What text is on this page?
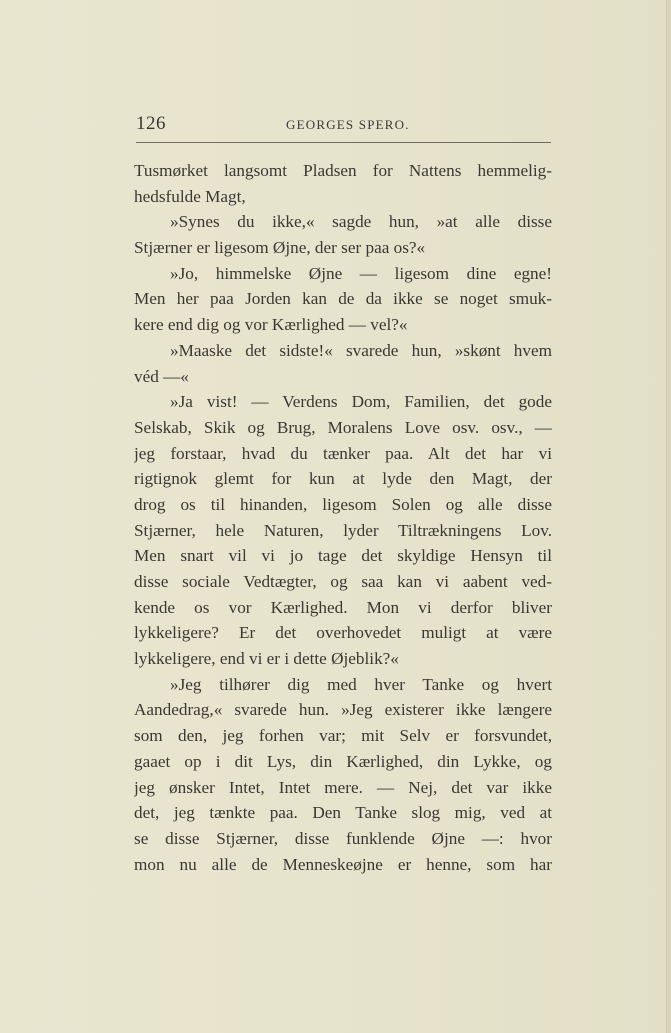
126	GEORGES SPERO.
Tusmørket langsomt Pladsen for Nattens hemmelig-
hedsfulde Magt,
»Synes du ikke,« sagde hun, »at alle disse
Stjærner er ligesom Øjne, der ser paa os?«
»Jo, himmelske Øjne — ligesom dine egne!
Men her paa Jorden kan de da ikke se noget smuk-
kere end dig og vor Kærlighed — vel?«
»Maaske det sidste!« svarede hun, »skønt hvem
véd —«
»Ja vist! — Verdens Dom, Familien, det gode
Selskab, Skik og Brug, Moralens Love osv. osv., —
jeg forstaar, hvad du tænker paa. Alt det har vi
rigtignok glemt for kun at lyde den Magt, der
drog os til hinanden, ligesom Solen og alle disse
Stjærner, hele Naturen, lyder Tiltrækningens Lov.
Men snart vil vi jo tage det skyldige Hensyn til
disse sociale Vedtægter, og saa kan vi aabent ved-
kende os vor Kærlighed. Mon vi derfor bliver
lykkeligere? Er det overhovedet muligt at være
lykkeligere, end vi er i dette Øjeblik?«
»Jeg tilhører dig med hver Tanke og hvert
Aandedrag,« svarede hun. »Jeg existerer ikke længere
som den, jeg forhen var; mit Selv er forsvundet,
gaaet op i dit Lys, din Kærlighed, din Lykke, og
jeg ønsker Intet, Intet mere. — Nej, det var ikke
det, jeg tænkte paa. Den Tanke slog mig, ved at
se disse Stjærner, disse funklende Øjne —: hvor
mon nu alle de Menneskeøjne er henne, som har
